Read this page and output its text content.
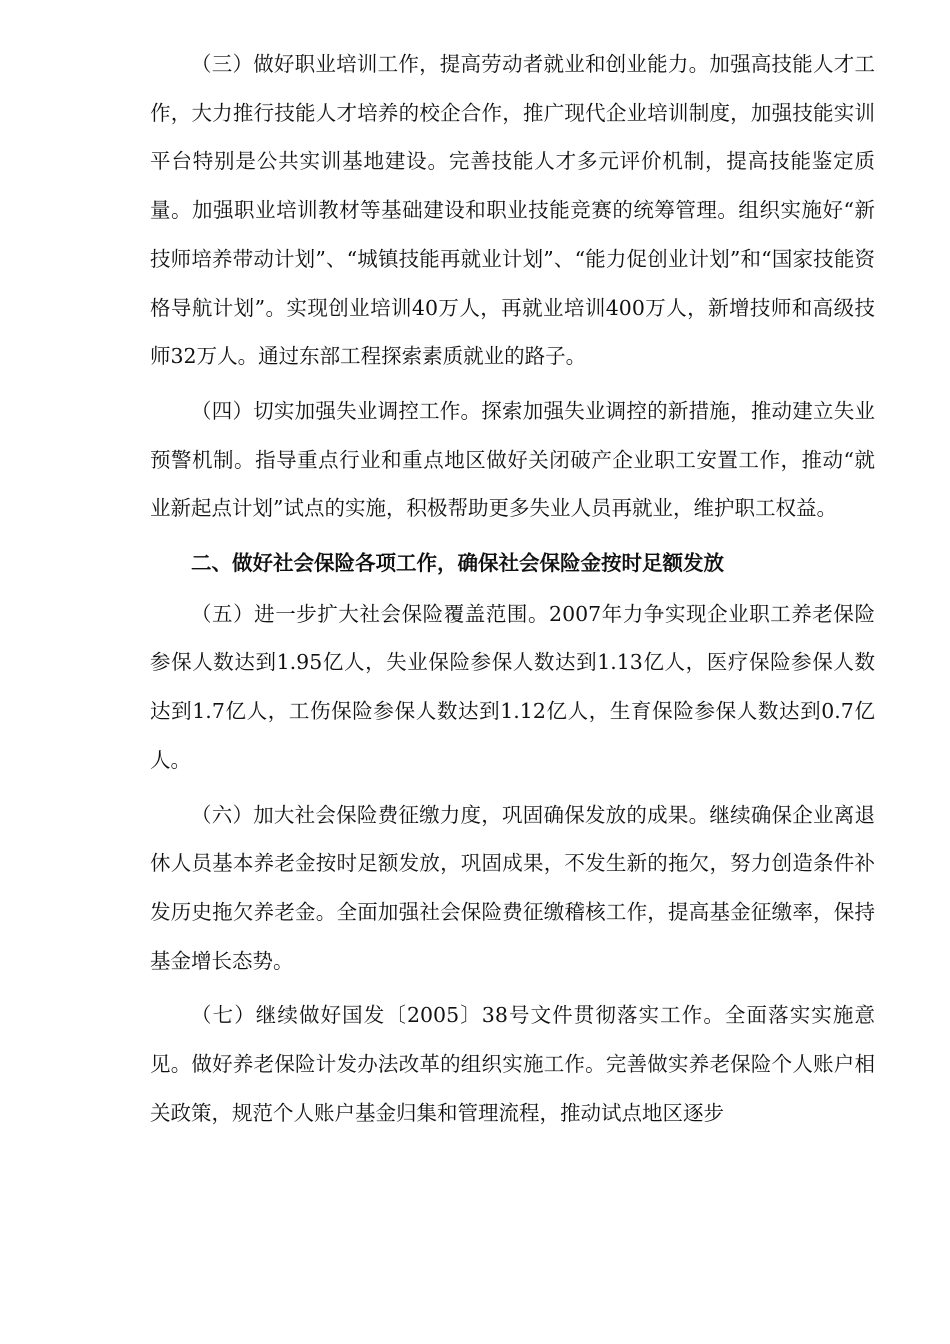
（三）做好职业培训工作，提高劳动者就业和创业能力。加强高技能人才工作，大力推行技能人才培养的校企合作，推广现代企业培训制度，加强技能实训平台特别是公共实训基地建设。完善技能人才多元评价机制，提高技能鉴定质量。加强职业培训教材等基础建设和职业技能竞赛的统筹管理。组织实施好“新技师培养带动计划”、“城镇技能再就业计划”、“能力促创业计划”和“国家技能资格导航计划”。实现创业培训40万人，再就业培训400万人，新增技师和高级技师32万人。通过东部工程探索素质就业的路子。

（四）切实加强失业调控工作。探索加强失业调控的新措施，推动建立失业预警机制。指导重点行业和重点地区做好关闭破产企业职工安置工作，推动“就业新起点计划”试点的实施，积极帮助更多失业人员再就业，维护职工权益。

二、做好社会保险各项工作，确保社会保险金按时足额发放

（五）进一步扩大社会保险覆盖范围。2007年力争实现企业职工养老保险参保人数达到1.95亿人，失业保险参保人数达到1.13亿人，医疗保险参保人数达到1.7亿人，工伤保险参保人数达到1.12亿人，生育保险参保人数达到0.7亿人。

（六）加大社会保险费征缴力度，巩固确保发放的成果。继续确保企业离退休人员基本养老金按时足额发放，巩固成果，不发生新的拖欠，努力创造条件补发历史拖欠养老金。全面加强社会保险费征缴稽核工作，提高基金征缴率，保持基金增长态势。

（七）继续做好国发〔2005〕38号文件贯彻落实工作。全面落实实施意见。做好养老保险计发办法改革的组织实施工作。完善做实养老保险个人账户相关政策，规范个人账户基金归集和管理流程，推动试点地区逐步
